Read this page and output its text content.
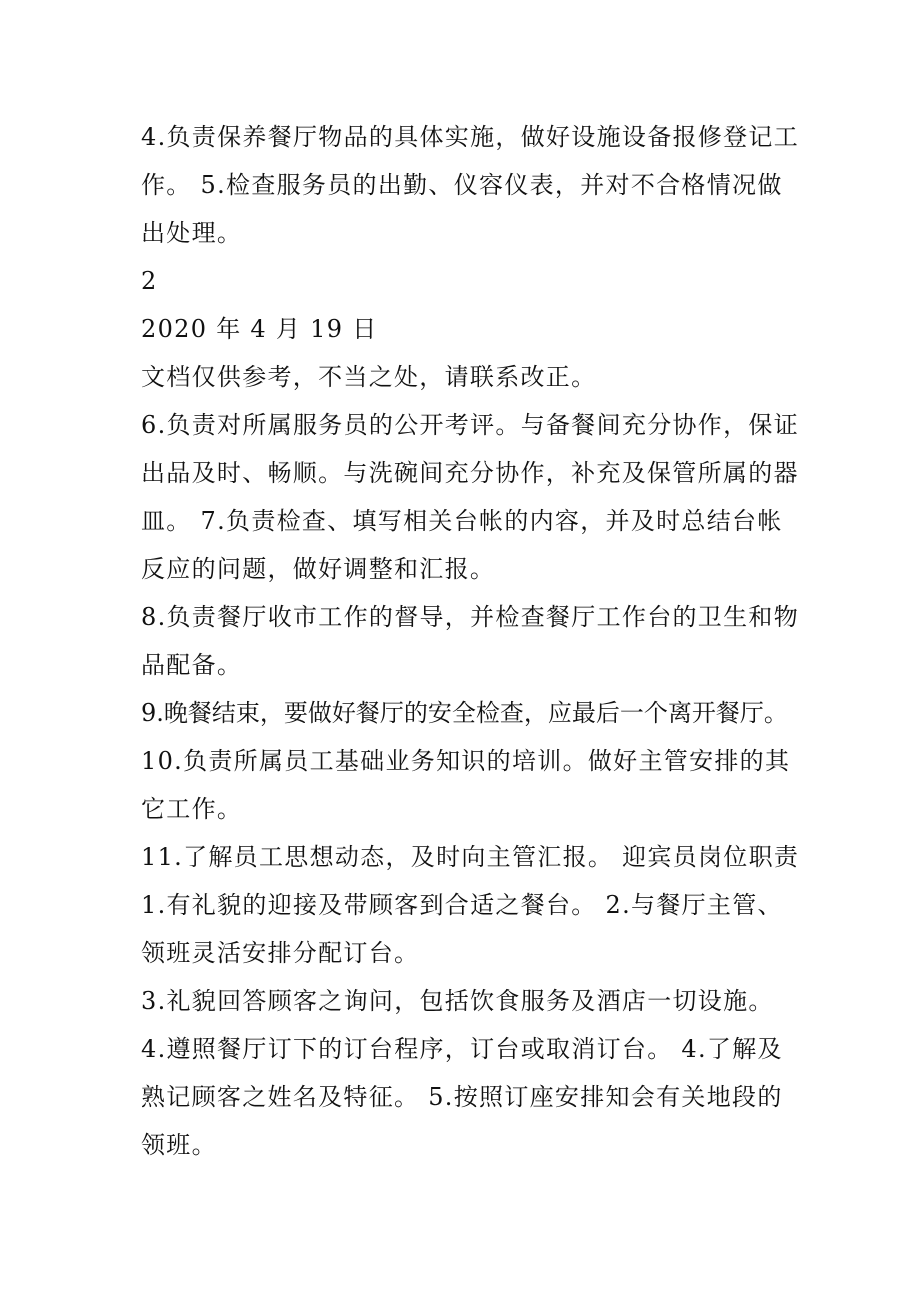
4.负责保养餐厅物品的具体实施，做好设施设备报修登记工
作。 5.检查服务员的出勤、仪容仪表，并对不合格情况做
出处理。
2
2020 年 4 月 19 日
文档仅供参考，不当之处，请联系改正。
6.负责对所属服务员的公开考评。与备餐间充分协作，保证
出品及时、畅顺。与洗碗间充分协作，补充及保管所属的器
皿。 7.负责检查、填写相关台帐的内容，并及时总结台帐
反应的问题，做好调整和汇报。
8.负责餐厅收市工作的督导，并检查餐厅工作台的卫生和物
品配备。
9.晚餐结束，要做好餐厅的安全检查，应最后一个离开餐厅。
10.负责所属员工基础业务知识的培训。做好主管安排的其
它工作。
11.了解员工思想动态，及时向主管汇报。 迎宾员岗位职责
1.有礼貌的迎接及带顾客到合适之餐台。 2.与餐厅主管、
领班灵活安排分配订台。
3.礼貌回答顾客之询问，包括饮食服务及酒店一切设施。
4.遵照餐厅订下的订台程序，订台或取消订台。 4.了解及
熟记顾客之姓名及特征。 5.按照订座安排知会有关地段的
领班。
